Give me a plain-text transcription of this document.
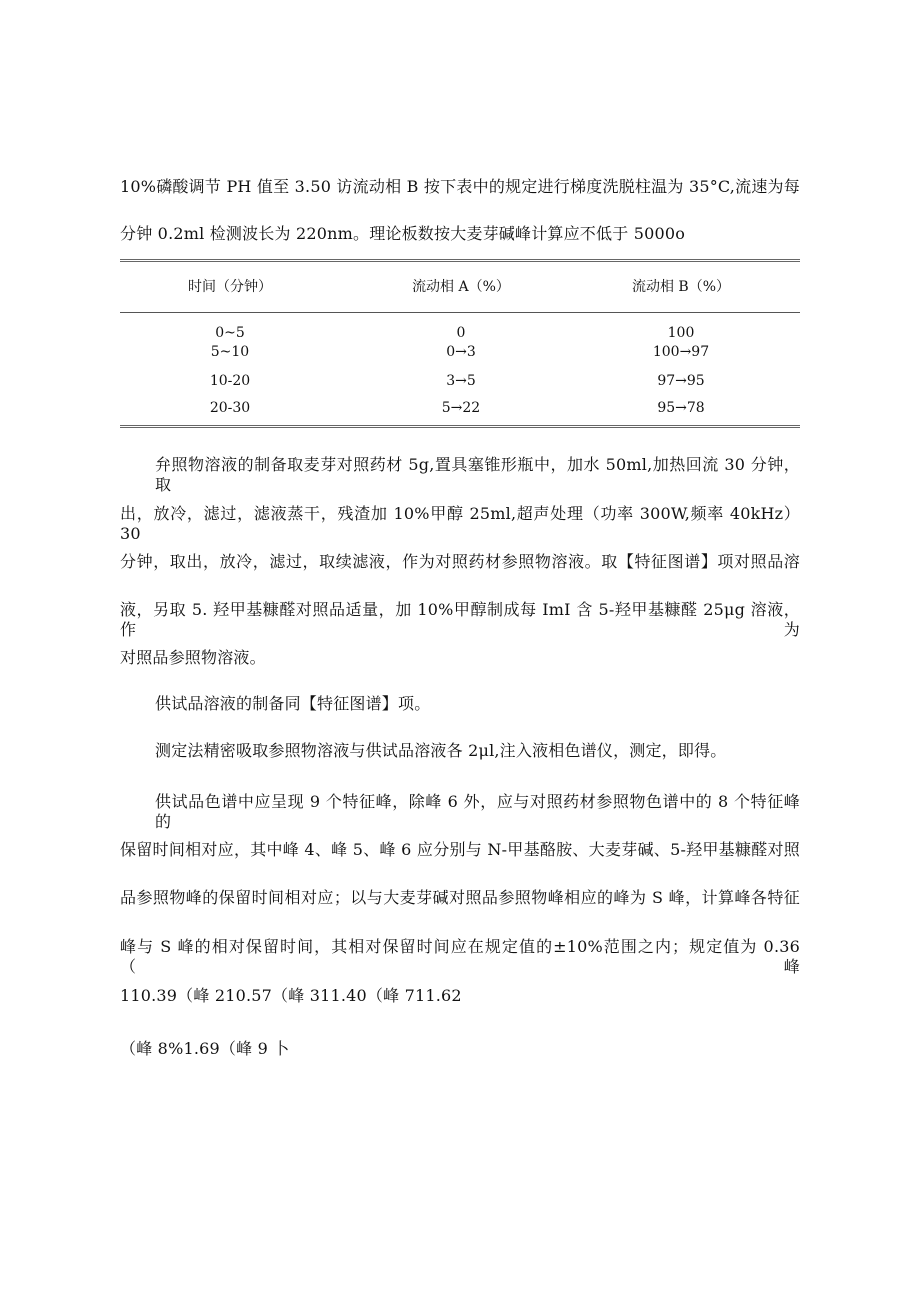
10%磷酸调节 PH 值至 3.50 访流动相 B 按下表中的规定进行梯度洗脱柱温为 35°C,流速为每
分钟 0.2ml 检测波长为 220nm。理论板数按大麦芽碱峰计算应不低于 5000o
时间（分钟）	流动相 A（%）	流动相 B（%）
0~5	0	100
5~10	0→3	100→97
10-20	3→5	97→95
20-30	5→22	95→78
弁照物溶液的制备取麦芽对照药材 5g,置具塞锥形瓶中，加水 50ml,加热回流 30 分钟，取
出，放冷，滤过，滤液蒸干，残渣加 10%甲醇 25ml,超声处理（功率 300W,频率 40kHz）30
分钟，取出，放冷，滤过，取续滤液，作为对照药材参照物溶液。取【特征图谱】项对照品溶
液，另取 5. 羟甲基糠醛对照品适量，加 10%甲醇制成每 ImI 含 5-羟甲基糠醛 25μg 溶液，作为
对照品参照物溶液。
供试品溶液的制备同【特征图谱】项。
测定法精密吸取参照物溶液与供试品溶液各 2μl,注入液相色谱仪，测定，即得。
供试品色谱中应呈现 9 个特征峰，除峰 6 外，应与对照药材参照物色谱中的 8 个特征峰的
保留时间相对应，其中峰 4、峰 5、峰 6 应分别与 N-甲基酪胺、大麦芽碱、5-羟甲基糠醛对照
品参照物峰的保留时间相对应；以与大麦芽碱对照品参照物峰相应的峰为 S 峰，计算峰各特征
峰与 S 峰的相对保留时间，其相对保留时间应在规定值的±10%范围之内；规定值为 0.36（峰
110.39（峰 210.57（峰 311.40（峰 711.62
（峰 8%1.69（峰 9 卜
